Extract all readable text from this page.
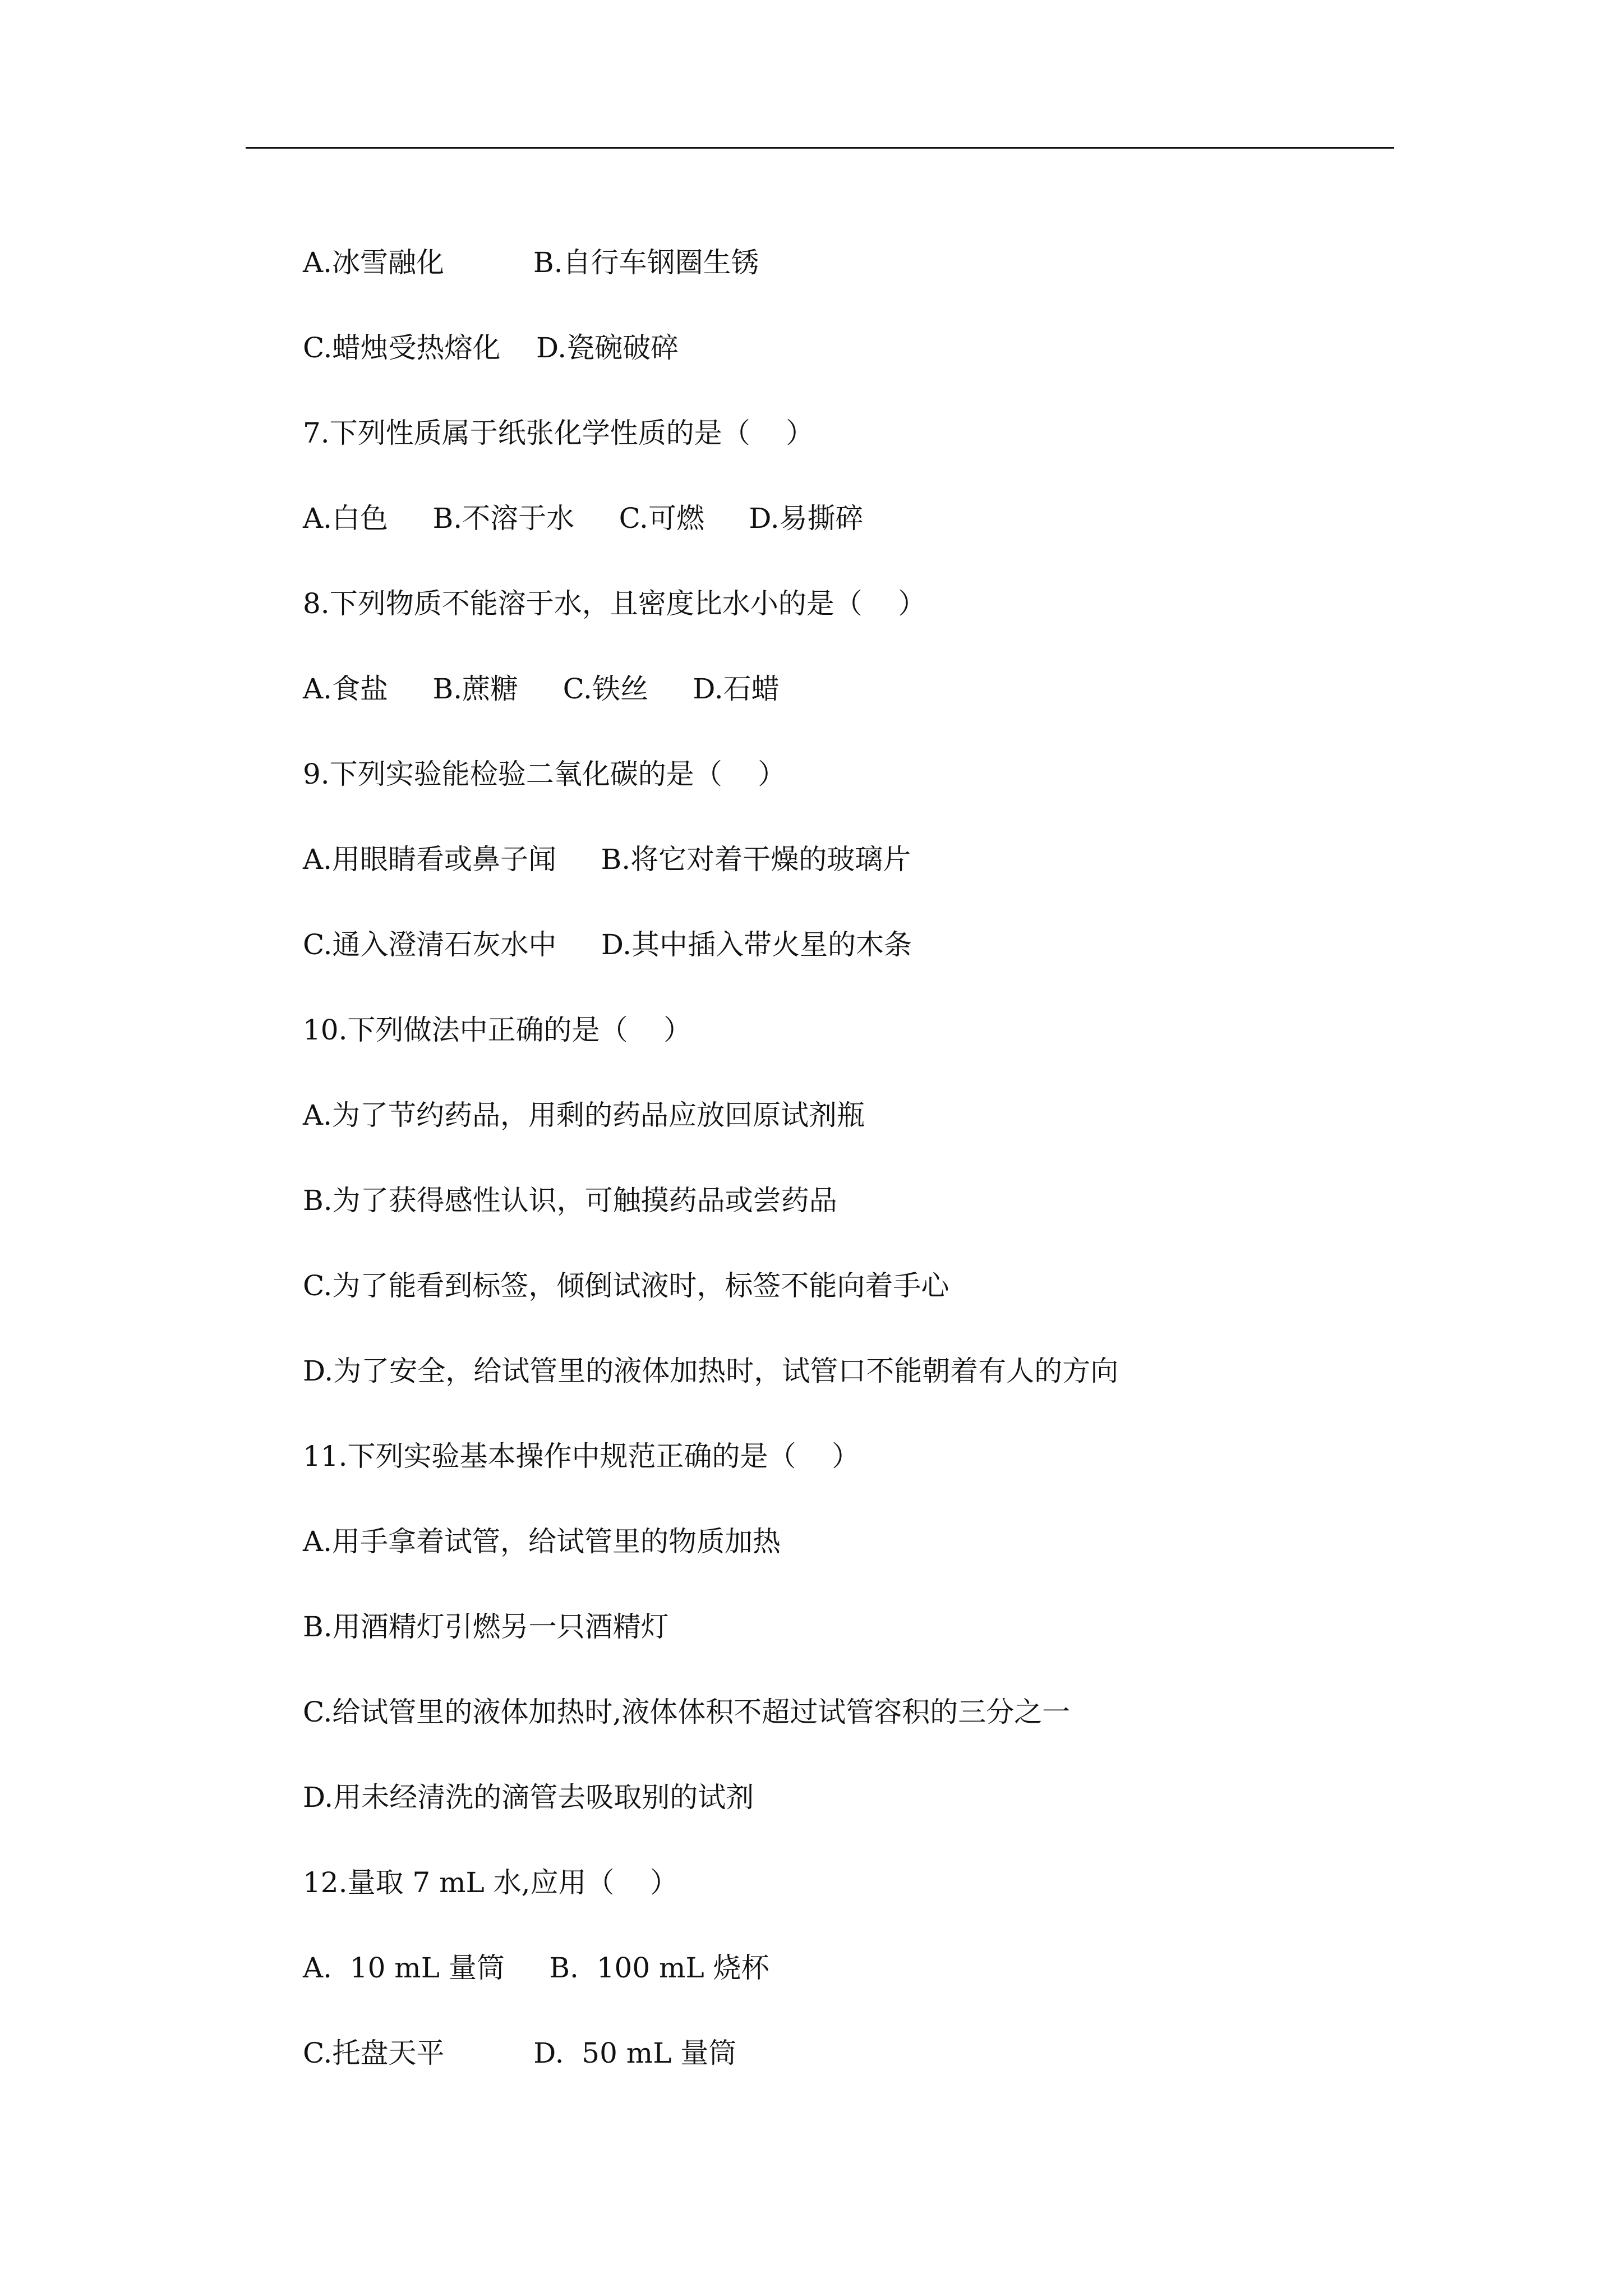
A.冰雪融化          B.自行车钢圈生锈
C.蜡烛受热熔化    D.瓷碗破碎
7.下列性质属于纸张化学性质的是（    ）
A.白色     B.不溶于水     C.可燃     D.易撕碎
8.下列物质不能溶于水，且密度比水小的是（    ）
A.食盐     B.蔗糖     C.铁丝     D.石蜡
9.下列实验能检验二氧化碳的是（    ）
A.用眼睛看或鼻子闻     B.将它对着干燥的玻璃片
C.通入澄清石灰水中     D.其中插入带火星的木条
10.下列做法中正确的是（    ）
A.为了节约药品，用剩的药品应放回原试剂瓶
B.为了获得感性认识，可触摸药品或尝药品
C.为了能看到标签，倾倒试液时，标签不能向着手心
D.为了安全，给试管里的液体加热时，试管口不能朝着有人的方向
11.下列实验基本操作中规范正确的是（    ）
A.用手拿着试管，给试管里的物质加热
B.用酒精灯引燃另一只酒精灯
C.给试管里的液体加热时,液体体积不超过试管容积的三分之一
D.用未经清洗的滴管去吸取别的试剂
12.量取 7 mL 水,应用（    ）
A.  10 mL 量筒     B.  100 mL 烧杯
C.托盘天平          D.  50 mL 量筒
